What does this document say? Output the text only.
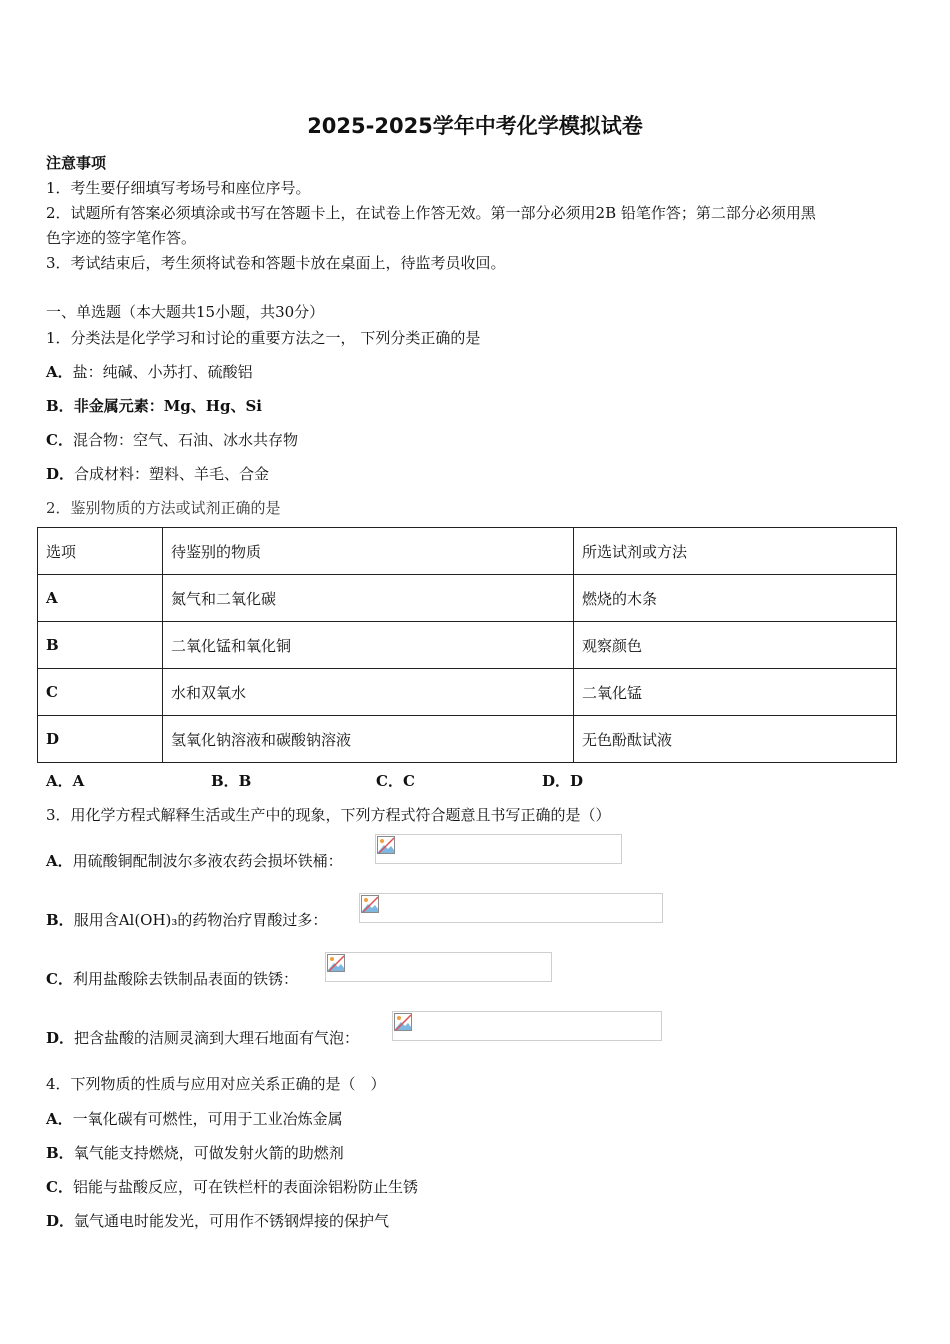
2025-2025学年中考化学模拟试卷
注意事项
1．考生要仔细填写考场号和座位序号。
2．试题所有答案必须填涂或书写在答题卡上，在试卷上作答无效。第一部分必须用2B 铅笔作答；第二部分必须用黑
色字迹的签字笔作答。
3．考试结束后，考生须将试卷和答题卡放在桌面上，待监考员收回。
一、单选题（本大题共15小题，共30分）
1．分类法是化学学习和讨论的重要方法之一， 下列分类正确的是
A．盐：纯碱、小苏打、硫酸铝
B．非金属元素：Mg、Hg、Si
C．混合物：空气、石油、冰水共存物
D．合成材料：塑料、羊毛、合金
2．鉴别物质的方法或试剂正确的是
选项	待鉴别的物质	所选试剂或方法
A	氮气和二氧化碳	燃烧的木条
B	二氧化锰和氧化铜	观察颜色
C	水和双氧水	二氧化锰
D	氢氧化钠溶液和碳酸钠溶液	无色酚酞试液
A．A	B．B	C．C	D．D
3．用化学方程式解释生活或生产中的现象，下列方程式符合题意且书写正确的是（）
A．用硫酸铜配制波尔多液农药会损坏铁桶：
B．服用含Al(OH)₃的药物治疗胃酸过多：
C．利用盐酸除去铁制品表面的铁锈：
D．把含盐酸的洁厕灵滴到大理石地面有气泡：
4．下列物质的性质与应用对应关系正确的是（　）
A．一氧化碳有可燃性，可用于工业冶炼金属
B．氧气能支持燃烧，可做发射火箭的助燃剂
C．铝能与盐酸反应，可在铁栏杆的表面涂铝粉防止生锈
D．氩气通电时能发光，可用作不锈钢焊接的保护气
